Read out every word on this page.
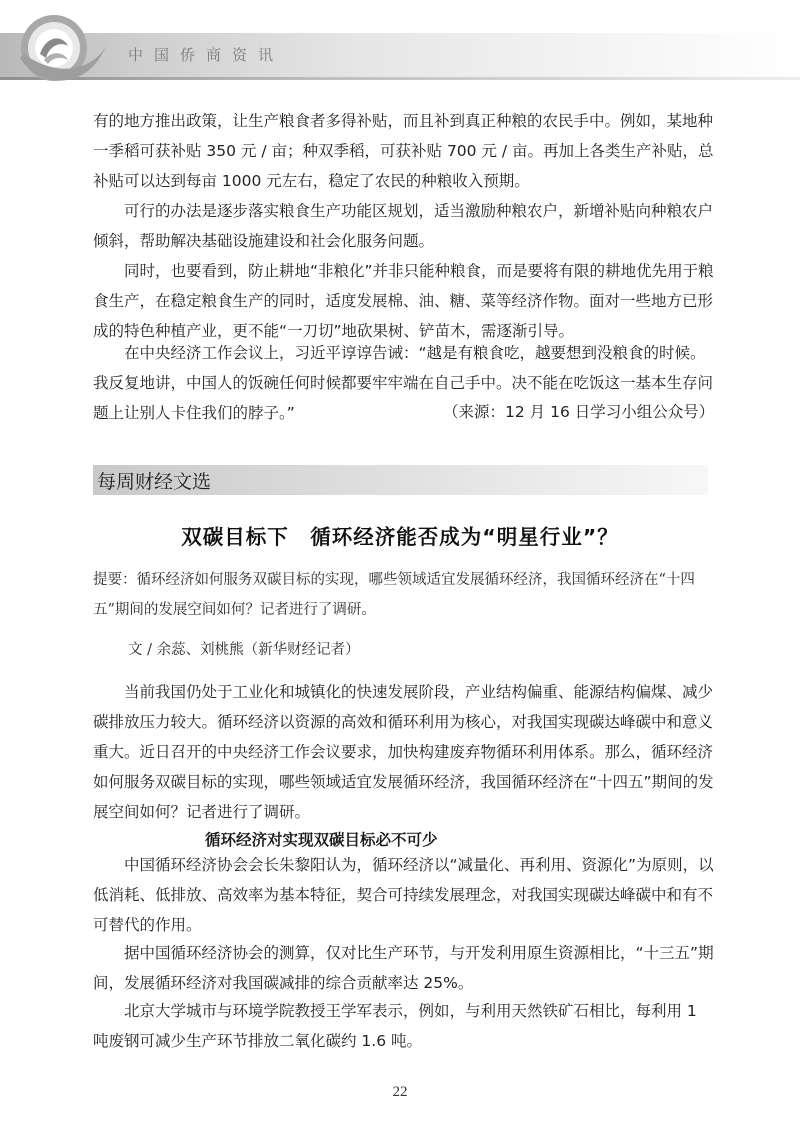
中国侨商资讯

有的地方推出政策，让生产粮食者多得补贴，而且补到真正种粮的农民手中。例如，某地种一季稻可获补贴 350 元 / 亩；种双季稻，可获补贴 700 元 / 亩。再加上各类生产补贴，总补贴可以达到每亩 1000 元左右，稳定了农民的种粮收入预期。

　　可行的办法是逐步落实粮食生产功能区规划，适当激励种粮农户，新增补贴向种粮农户倾斜，帮助解决基础设施建设和社会化服务问题。

　　同时，也要看到，防止耕地“非粮化”并非只能种粮食，而是要将有限的耕地优先用于粮食生产，在稳定粮食生产的同时，适度发展棉、油、糖、菜等经济作物。面对一些地方已形成的特色种植产业，更不能“一刀切”地砍果树、铲苗木，需逐渐引导。

　　在中央经济工作会议上，习近平谆谆告诫：“越是有粮食吃，越要想到没粮食的时候。我反复地讲，中国人的饭碗任何时候都要牢牢端在自己手中。决不能在吃饭这一基本生存问题上让别人卡住我们的脖子。”	（来源：12 月 16 日学习小组公众号）
每周财经文选
双碳目标下　循环经济能否成为“明星行业”？

提要：循环经济如何服务双碳目标的实现，哪些领域适宜发展循环经济，我国循环经济在“十四五”期间的发展空间如何？记者进行了调研。

文 / 余蕊、刘桃熊（新华财经记者）

　　当前我国仍处于工业化和城镇化的快速发展阶段，产业结构偏重、能源结构偏煤、减少碳排放压力较大。循环经济以资源的高效和循环利用为核心，对我国实现碳达峰碳中和意义重大。近日召开的中央经济工作会议要求，加快构建废弃物循环利用体系。那么，循环经济如何服务双碳目标的实现，哪些领域适宜发展循环经济，我国循环经济在“十四五”期间的发展空间如何？记者进行了调研。

循环经济对实现双碳目标必不可少

　　中国循环经济协会会长朱黎阳认为，循环经济以“减量化、再利用、资源化”为原则，以低消耗、低排放、高效率为基本特征，契合可持续发展理念，对我国实现碳达峰碳中和有不可替代的作用。

　　据中国循环经济协会的测算，仅对比生产环节，与开发利用原生资源相比，“十三五”期间，发展循环经济对我国碳减排的综合贡献率达 25%。

　　北京大学城市与环境学院教授王学军表示，例如，与利用天然铁矿石相比，每利用 1 吨废钢可减少生产环节排放二氧化碳约 1.6 吨。

22
